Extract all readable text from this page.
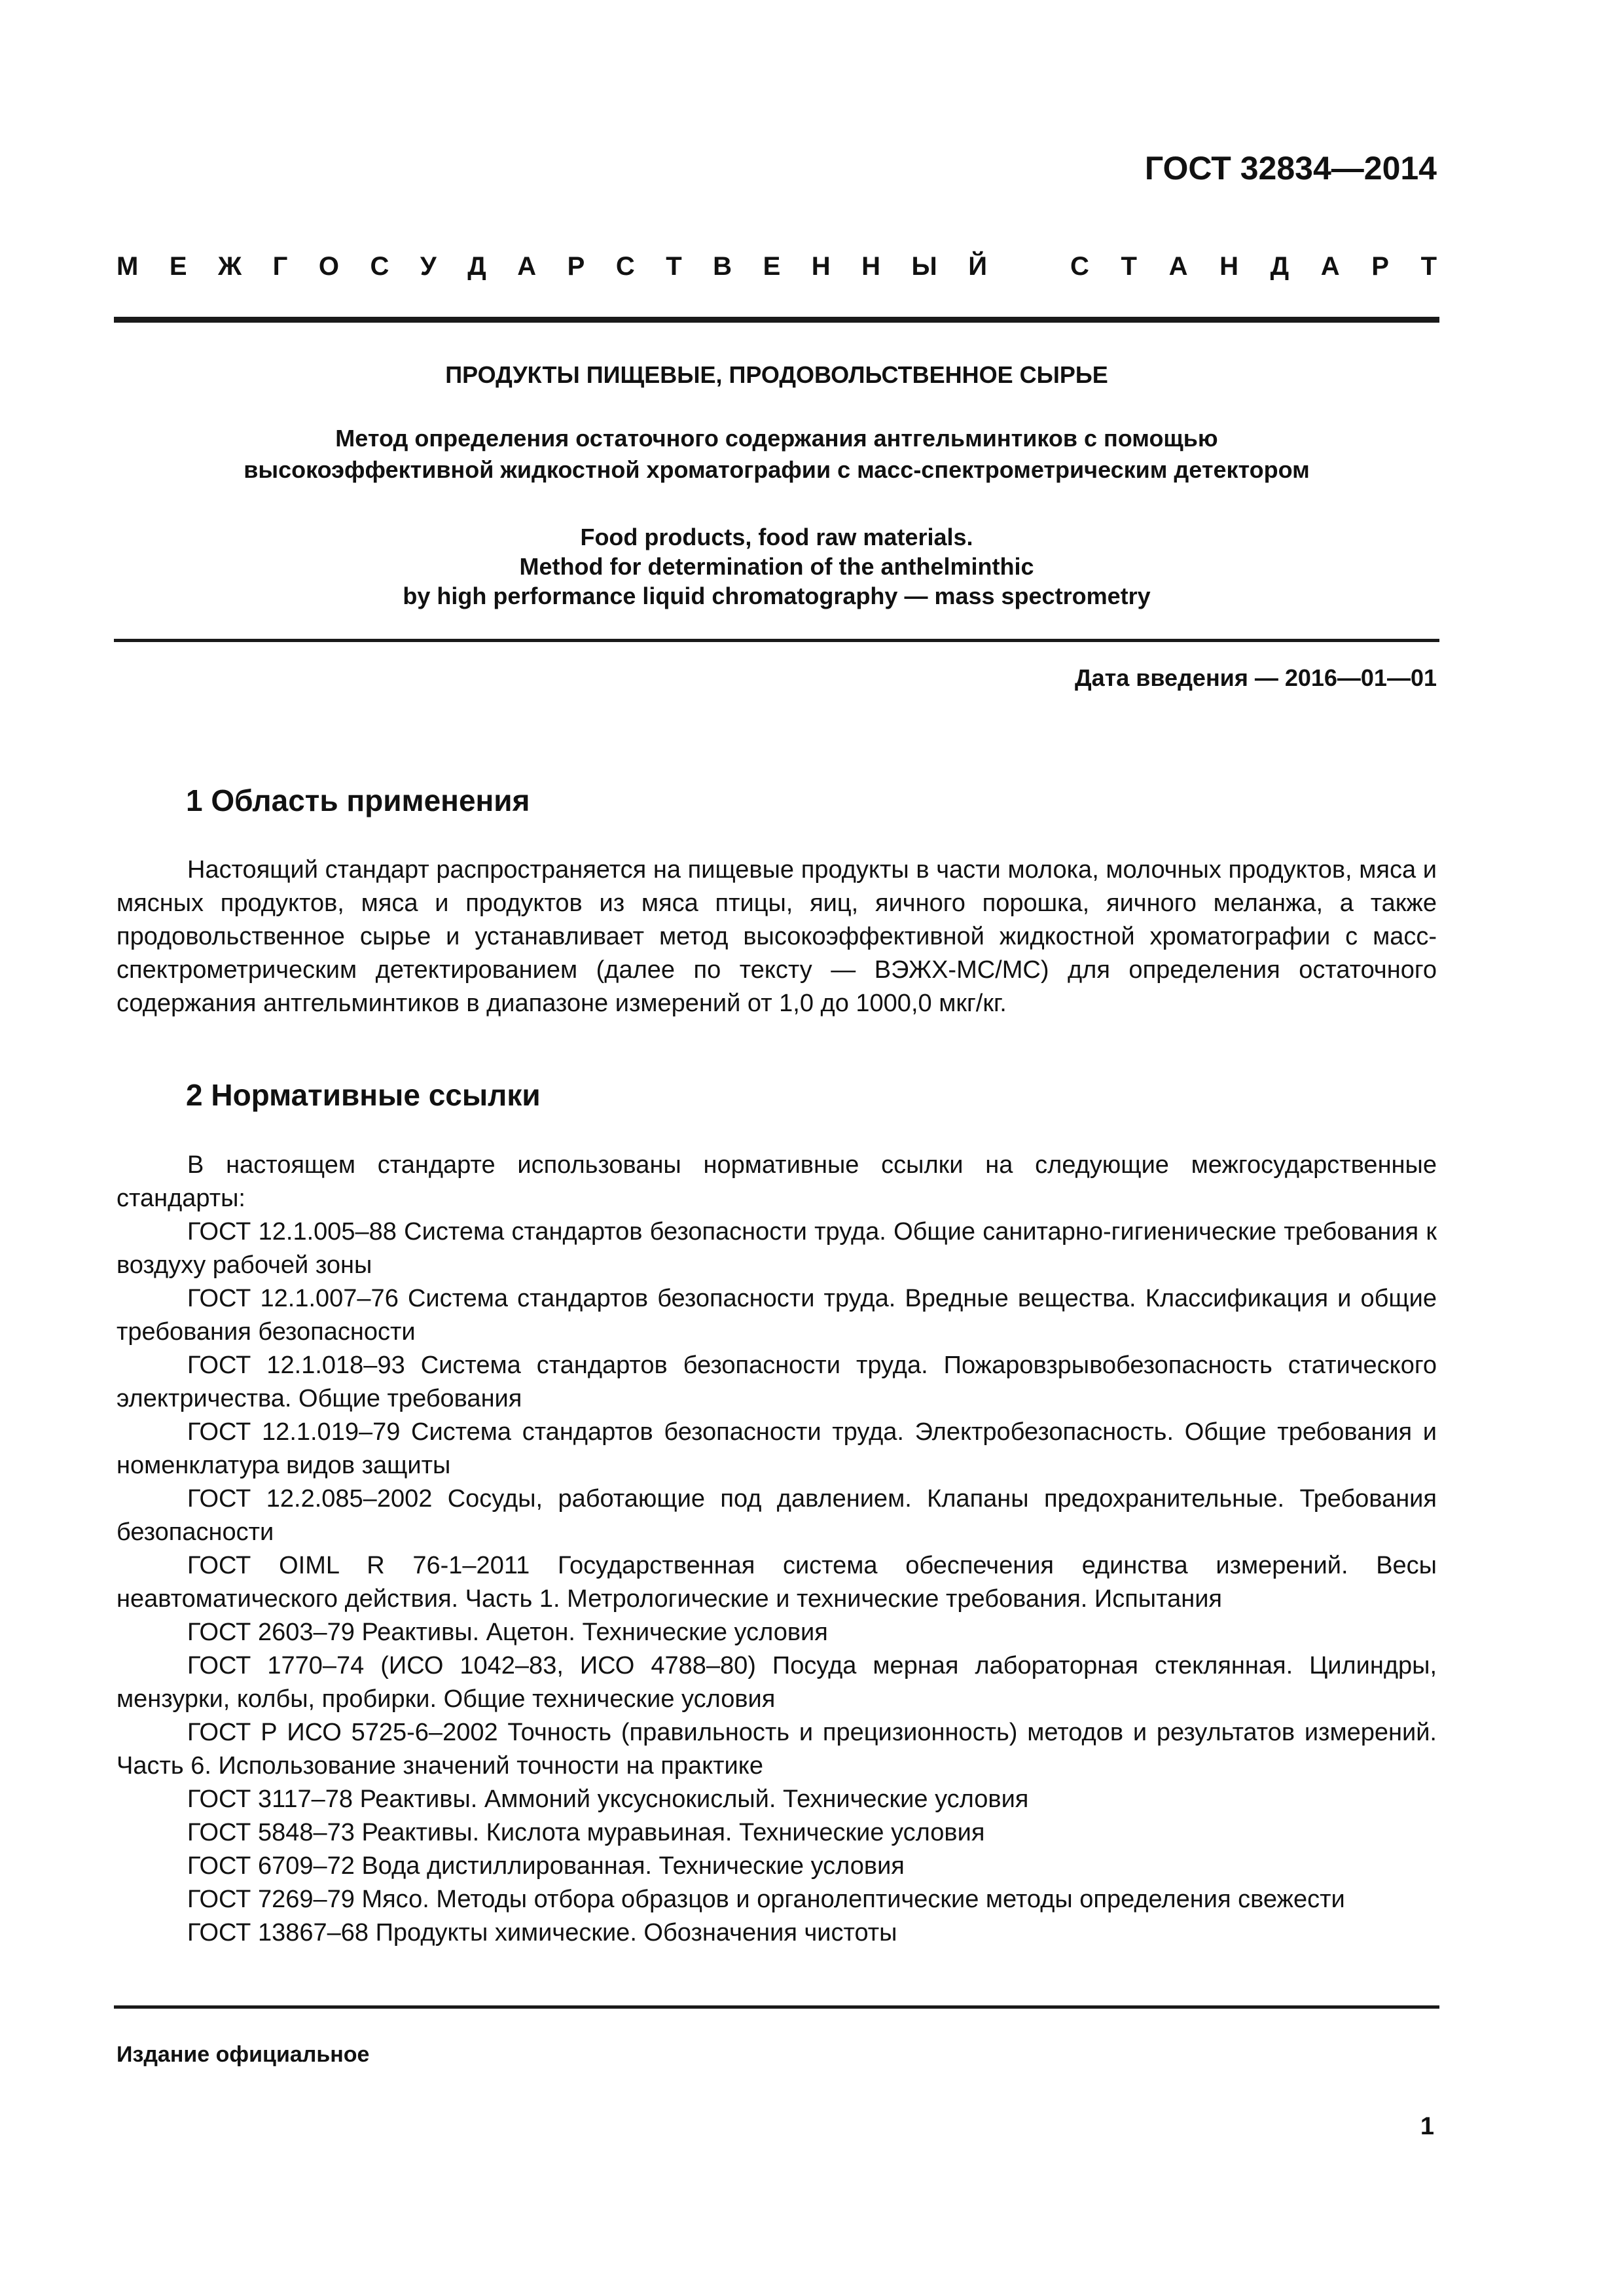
ГОСТ 32834—2014
М Е Ж Г О С У Д А Р С Т В Е Н Н Ы Й	С Т А Н Д А Р Т
ПРОДУКТЫ ПИЩЕВЫЕ, ПРОДОВОЛЬСТВЕННОЕ СЫРЬЕ
Метод определения остаточного содержания антгельминтиков с помощью
высокоэффективной жидкостной хроматографии с масс-спектрометрическим детектором
Food products, food raw materials.
Method for determination of the anthelminthic
by high performance liquid chromatography — mass spectrometry
Дата введения — 2016—01—01
1 Область применения

Настоящий стандарт распространяется на пищевые продукты в части молока, молочных продуктов, мяса и мясных продуктов, мяса и продуктов из мяса птицы, яиц, яичного порошка, яичного меланжа, а также продовольственное сырье и устанавливает метод высокоэффективной жидкостной хроматографии с масс-спектрометрическим детектированием (далее по тексту — ВЭЖХ-МС/МС) для определения остаточного содержания антгельминтиков в диапазоне измерений от 1,0 до 1000,0 мкг/кг.

2 Нормативные ссылки

В настоящем стандарте использованы нормативные ссылки на следующие межгосударственные стандарты:

ГОСТ 12.1.005–88 Система стандартов безопасности труда. Общие санитарно-гигиенические требования к воздуху рабочей зоны

ГОСТ 12.1.007–76 Система стандартов безопасности труда. Вредные вещества. Классификация и общие требования безопасности

ГОСТ 12.1.018–93 Система стандартов безопасности труда. Пожаровзрывобезопасность статического электричества. Общие требования

ГОСТ 12.1.019–79 Система стандартов безопасности труда. Электробезопасность. Общие требования и номенклатура видов защиты

ГОСТ 12.2.085–2002 Сосуды, работающие под давлением. Клапаны предохранительные. Требования безопасности

ГОСТ OIML R 76-1–2011 Государственная система обеспечения единства измерений. Весы неавтоматического действия. Часть 1. Метрологические и технические требования. Испытания

ГОСТ 2603–79 Реактивы. Ацетон. Технические условия

ГОСТ 1770–74 (ИСО 1042–83, ИСО 4788–80) Посуда мерная лабораторная стеклянная. Цилиндры, мензурки, колбы, пробирки. Общие технические условия

ГОСТ Р ИСО 5725-6–2002 Точность (правильность и прецизионность) методов и результатов измерений. Часть 6. Использование значений точности на практике

ГОСТ 3117–78 Реактивы. Аммоний уксуснокислый. Технические условия

ГОСТ 5848–73 Реактивы. Кислота муравьиная. Технические условия

ГОСТ 6709–72 Вода дистиллированная. Технические условия

ГОСТ 7269–79 Мясо. Методы отбора образцов и органолептические методы определения свежести

ГОСТ 13867–68 Продукты химические. Обозначения чистоты

Издание официальное
1
